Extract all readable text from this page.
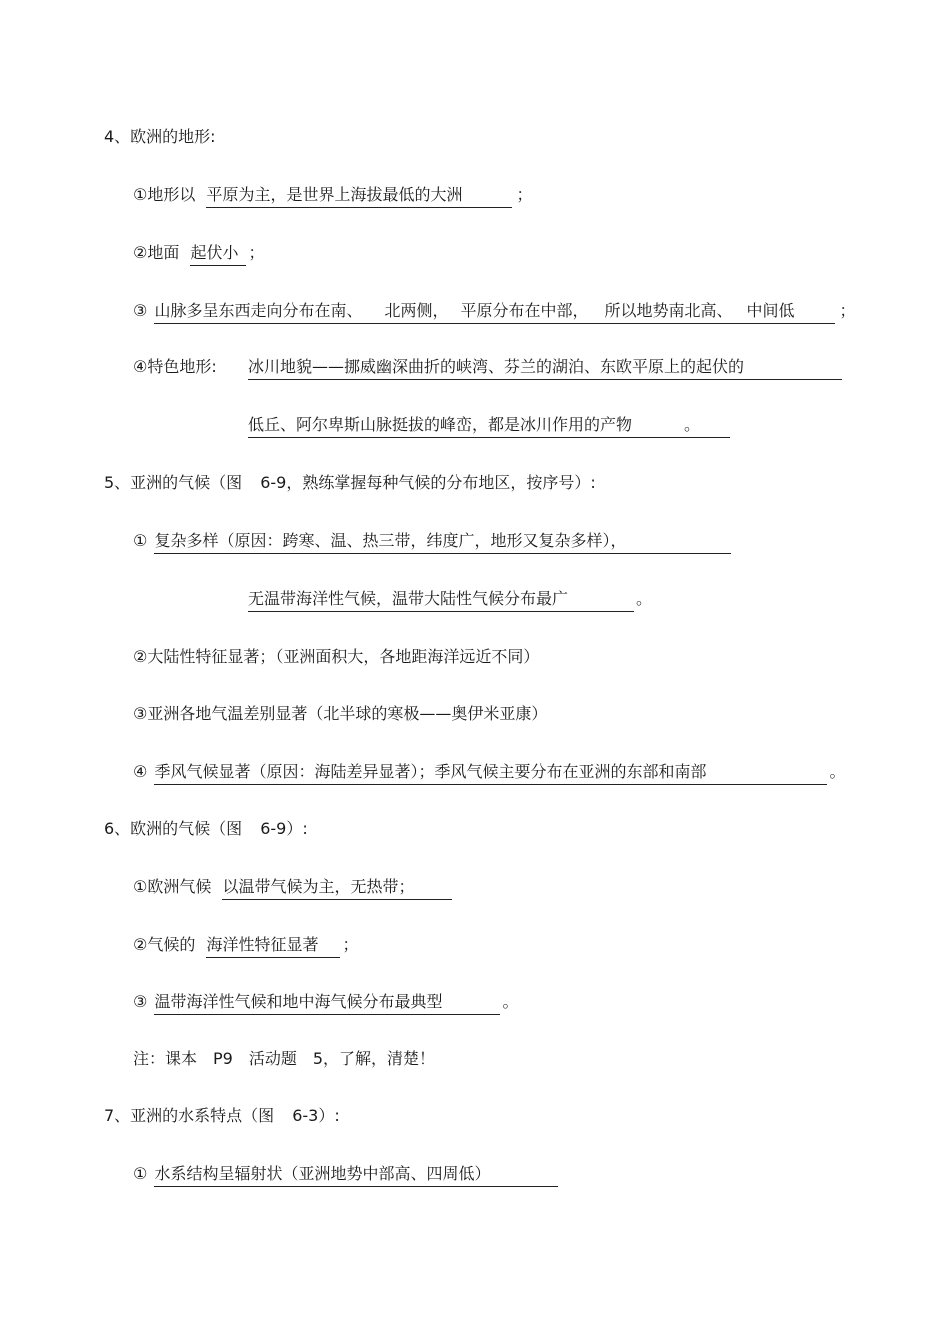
4、欧洲的地形:
①地形以 平原为主，是世界上海拔最低的大洲	；
②地面 起伏小 ；
③ 山脉多呈东西走向分布在南、 北两侧， 平原分布在中部， 所以地势南北高、 中间低	；
④特色地形: 冰川地貌——挪威幽深曲折的峡湾、芬兰的湖泊、东欧平原上的起伏的
低丘、阿尔卑斯山脉挺拔的峰峦，都是冰川作用的产物	。
5、亚洲的气候（图 6-9，熟练掌握每种气候的分布地区，按序号）:
① 复杂多样（原因：跨寒、温、热三带，纬度广，地形又复杂多样），
无温带海洋性气候，温带大陆性气候分布最广	。
②大陆性特征显著；（亚洲面积大，各地距海洋远近不同）
③亚洲各地气温差别显著（北半球的寒极——奥伊米亚康）
④ 季风气候显著（原因：海陆差异显著）；季风气候主要分布在亚洲的东部和南部	。
6、欧洲的气候（图 6-9）:
①欧洲气候 以温带气候为主，无热带；
②气候的 海洋性特征显著 ；
③ 温带海洋性气候和地中海气候分布最典型	。
注：课本　P9　活动题　5，了解，清楚！
7、亚洲的水系特点（图 6-3）:
① 水系结构呈辐射状（亚洲地势中部高、四周低）
